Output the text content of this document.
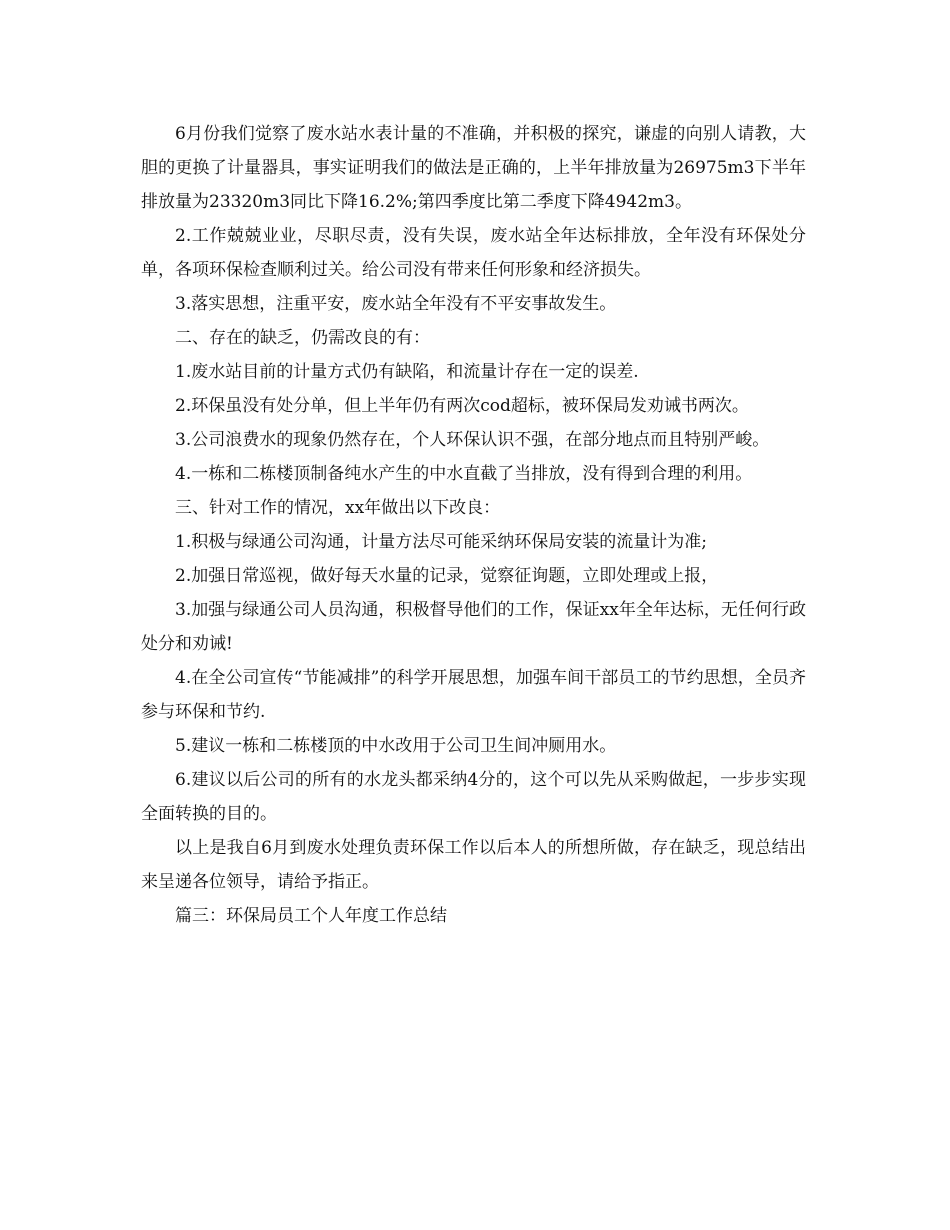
6月份我们觉察了废水站水表计量的不准确，并积极的探究，谦虚的向别人请教，大胆的更换了计量器具，事实证明我们的做法是正确的，上半年排放量为26975m3下半年排放量为23320m3同比下降16.2%;第四季度比第二季度下降4942m3。

2.工作兢兢业业，尽职尽责，没有失误，废水站全年达标排放，全年没有环保处分单，各项环保检查顺利过关。给公司没有带来任何形象和经济损失。

3.落实思想，注重平安，废水站全年没有不平安事故发生。

二、存在的缺乏，仍需改良的有：

1.废水站目前的计量方式仍有缺陷，和流量计存在一定的误差.

2.环保虽没有处分单，但上半年仍有两次cod超标，被环保局发劝诫书两次。

3.公司浪费水的现象仍然存在，个人环保认识不强，在部分地点而且特别严峻。

4.一栋和二栋楼顶制备纯水产生的中水直截了当排放，没有得到合理的利用。

三、针对工作的情况，xx年做出以下改良：

1.积极与绿通公司沟通，计量方法尽可能采纳环保局安装的流量计为准;

2.加强日常巡视，做好每天水量的记录，觉察征询题，立即处理或上报，

3.加强与绿通公司人员沟通，积极督导他们的工作，保证xx年全年达标，无任何行政处分和劝诫!

4.在全公司宣传“节能减排”的科学开展思想，加强车间干部员工的节约思想，全员齐参与环保和节约.

5.建议一栋和二栋楼顶的中水改用于公司卫生间冲厕用水。

6.建议以后公司的所有的水龙头都采纳4分的，这个可以先从采购做起，一步步实现全面转换的目的。

以上是我自6月到废水处理负责环保工作以后本人的所想所做，存在缺乏，现总结出来呈递各位领导，请给予指正。

篇三：环保局员工个人年度工作总结
